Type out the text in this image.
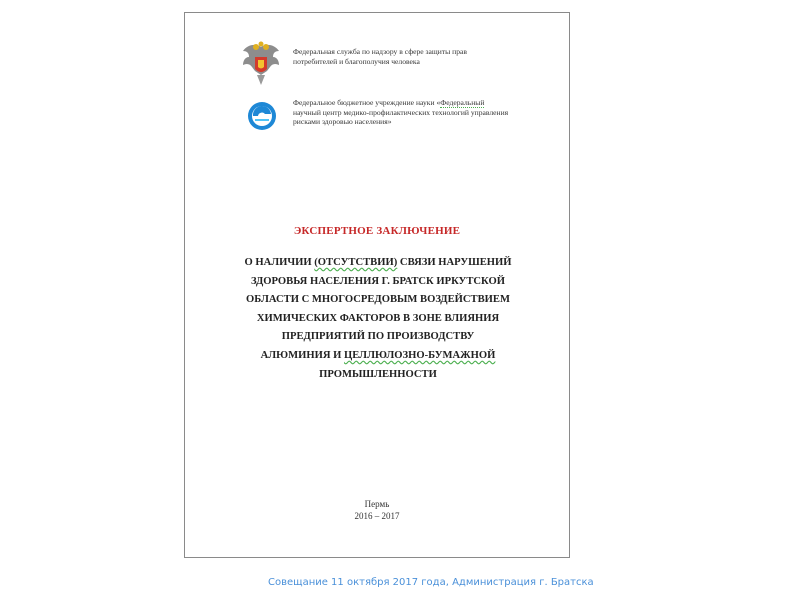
Федеральная служба по надзору в сфере защиты прав
потребителей и благополучия человека
Федеральное бюджетное учреждение науки «Федеральный
научный центр медико-профилактических технологий управления
рисками здоровью населения»
ЭКСПЕРТНОЕ ЗАКЛЮЧЕНИЕ
О НАЛИЧИИ (ОТСУТСТВИИ) СВЯЗИ НАРУШЕНИЙ
ЗДОРОВЬЯ НАСЕЛЕНИЯ Г. БРАТСК ИРКУТСКОЙ
ОБЛАСТИ С МНОГОСРЕДОВЫМ ВОЗДЕЙСТВИЕМ
ХИМИЧЕСКИХ ФАКТОРОВ В ЗОНЕ ВЛИЯНИЯ
ПРЕДПРИЯТИЙ ПО ПРОИЗВОДСТВУ
АЛЮМИНИЯ И ЦЕЛЛЮЛОЗНО-БУМАЖНОЙ
ПРОМЫШЛЕННОСТИ
Пермь
2016 – 2017
Совещание 11 октября 2017 года, Администрация г. Братска
